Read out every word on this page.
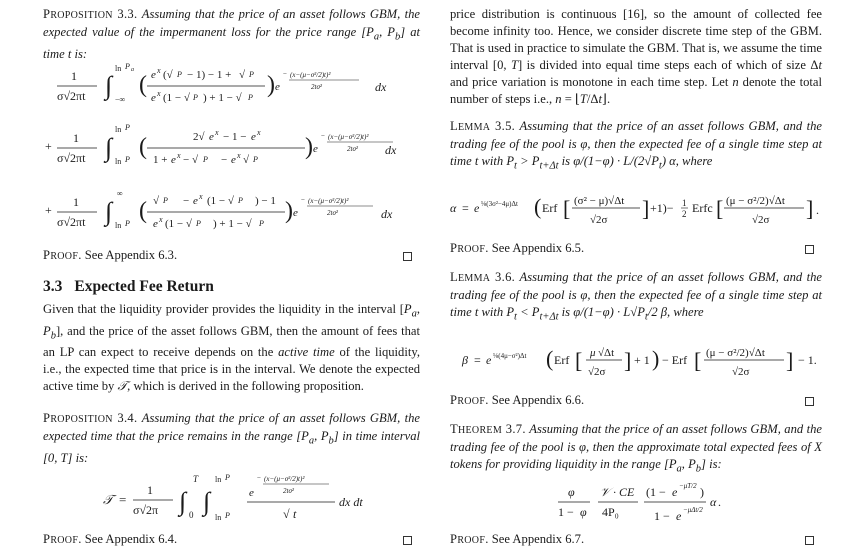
PROPOSITION 3.3. Assuming that the price of an asset follows GBM, the expected value of the impermanent loss for the price range [$P_a$, $P_b$] at time t is:
1
σ√2πt ∫
ln P a
−∞
( e x (√ P − 1) − 1 + √ P
e x (1 − √ P ) + 1 − √ P ) e
− (x−(μ−σ²/2)t)²
2tσ²	dx
+
1
σ√2πt ∫
ln P
ln P (	2√ e x − 1 − e x
1 + e x − √ P − e x √ P ) e
− (x−(μ−σ²/2)t)²
2tσ² dx
+
1
σ√2πt ∫
∞
ln P ( √ P − e x (1 − √ P ) − 1
e x (1 − √ P ) + 1 − √ P ) e
− (x−(μ−σ²/2)t)²
2tσ²	dx
PROOF. See Appendix 6.3.
3.3 Expected Fee Return
Given that the liquidity provider provides the liquidity in the interval [$P_a$, $P_b$], and the price of the asset follows GBM, then the amount of fees that an LP can expect to receive depends on the active time of the liquidity, i.e., the expected time that price is in the interval. We denote the expected active time by 𝒯, which is derived in the following proposition.
PROPOSITION 3.4. Assuming that the price of an asset follows GBM, the expected time that the price remains in the range [$P_a$, $P_b$] in time interval [0, T] is:
𝒯 =
1
σ√2π ∫
T
0 ∫
ln P
ln P
e
− (x−(μ−σ²/2)t)²
2tσ²
√ t
dx dt
PROOF. See Appendix 6.4.
price distribution is continuous [16], so the amount of collected fee become infinity too. Hence, we consider discrete time step of the GBM. That is used in practice to simulate the GBM. That is, we assume the time interval [0, T] is divided into equal time steps each of which of size Δt and price variation is monotone in each time step. Let n denote the total number of steps i.e., n = ⌊T/Δt⌋.
LEMMA 3.5. Assuming that the price of an asset follows GBM, and the trading fee of the pool is φ, then the expected fee of a single time step at time t with $P_t > P_{t+\Delta t}$ is $\varphi/(1-\varphi) \cdot L/(2√P_t)$ α, where
α = e ⅛(3σ²−4μ)Δt ( Erf [ (σ² − μ)√Δt
√2σ ] +1)− 1
2 Erfc [ (μ − σ²/2)√Δt
√2σ ] .
PROOF. See Appendix 6.5.
LEMMA 3.6. Assuming that the price of an asset follows GBM, and the trading fee of the pool is φ, then the expected fee of a single time step at time t with $P_t < P_{t+\Delta t}$ is $\varphi/(1-\varphi) \cdot L√P_t/2$ β, where
β = e ⅛(4μ−σ²)Δt ( Erf [ μ √Δt
√2σ ] + 1 ) − Erf [ (μ − σ²/2)√Δt
√2σ ] − 1.
PROOF. See Appendix 6.6.
THEOREM 3.7. Assuming that the price of an asset follows GBM, and the trading fee of the pool is φ, then the approximate total expected fees of X tokens for providing liquidity in the range [$P_a$, $P_b$] is:
φ
1 − φ
𝒱 · CE
4P₀
(1 − e −μT/2 )
1 − e −μΔt/2
α .
PROOF. See Appendix 6.7.
